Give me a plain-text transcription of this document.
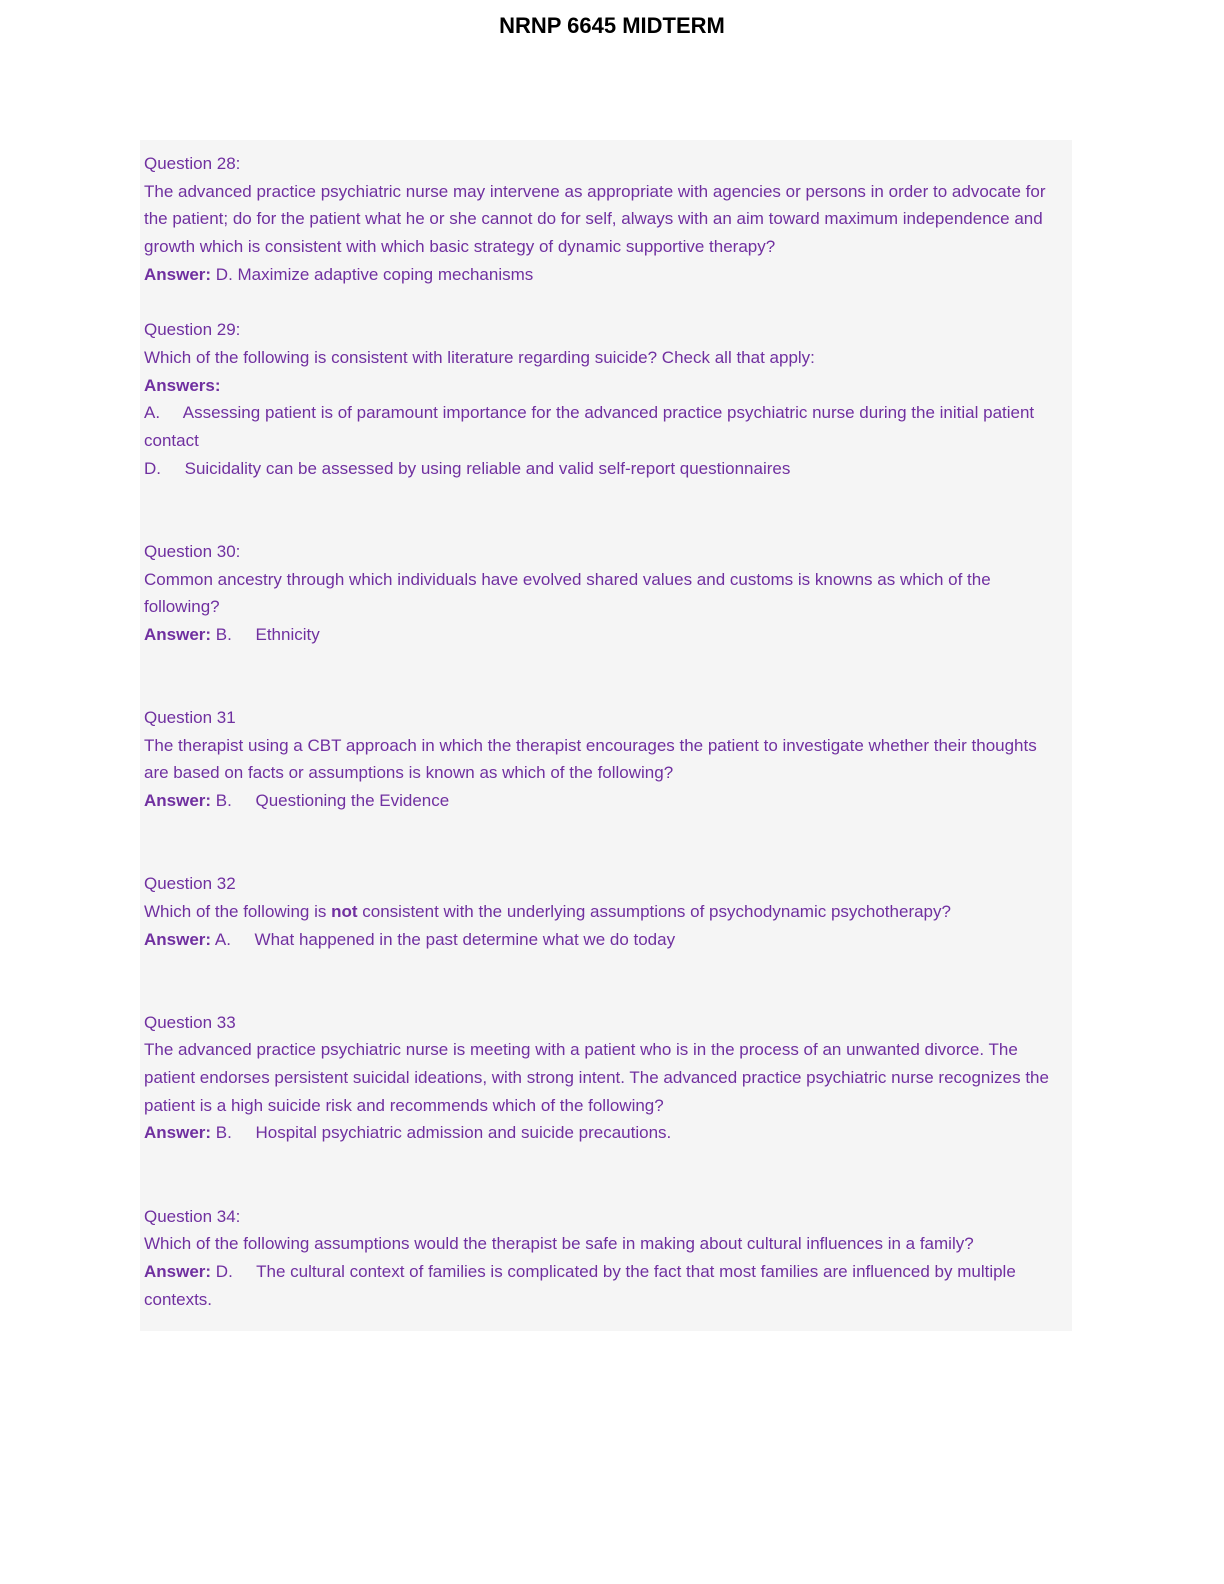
NRNP 6645 MIDTERM
Question 28:
The advanced practice psychiatric nurse may intervene as appropriate with agencies or persons in order to advocate for the patient; do for the patient what he or she cannot do for self, always with an aim toward maximum independence and growth which is consistent with which basic strategy of dynamic supportive therapy?
Answer: D. Maximize adaptive coping mechanisms
Question 29:
Which of the following is consistent with literature regarding suicide? Check all that apply:
Answers:
A.     Assessing patient is of paramount importance for the advanced practice psychiatric nurse during the initial patient contact
D.     Suicidality can be assessed by using reliable and valid self-report questionnaires
Question 30:
Common ancestry through which individuals have evolved shared values and customs is knowns as which of the following?
Answer: B.     Ethnicity
Question 31
The therapist using a CBT approach in which the therapist encourages the patient to investigate whether their thoughts are based on facts or assumptions is known as which of the following?
Answer: B.     Questioning the Evidence
Question 32
Which of the following is not consistent with the underlying assumptions of psychodynamic psychotherapy?
Answer: A.     What happened in the past determine what we do today
Question 33
The advanced practice psychiatric nurse is meeting with a patient who is in the process of an unwanted divorce. The patient endorses persistent suicidal ideations, with strong intent. The advanced practice psychiatric nurse recognizes the patient is a high suicide risk and recommends which of the following?
Answer: B.     Hospital psychiatric admission and suicide precautions.
Question 34:
Which of the following assumptions would the therapist be safe in making about cultural influences in a family?
Answer: D.     The cultural context of families is complicated by the fact that most families are influenced by multiple contexts.
